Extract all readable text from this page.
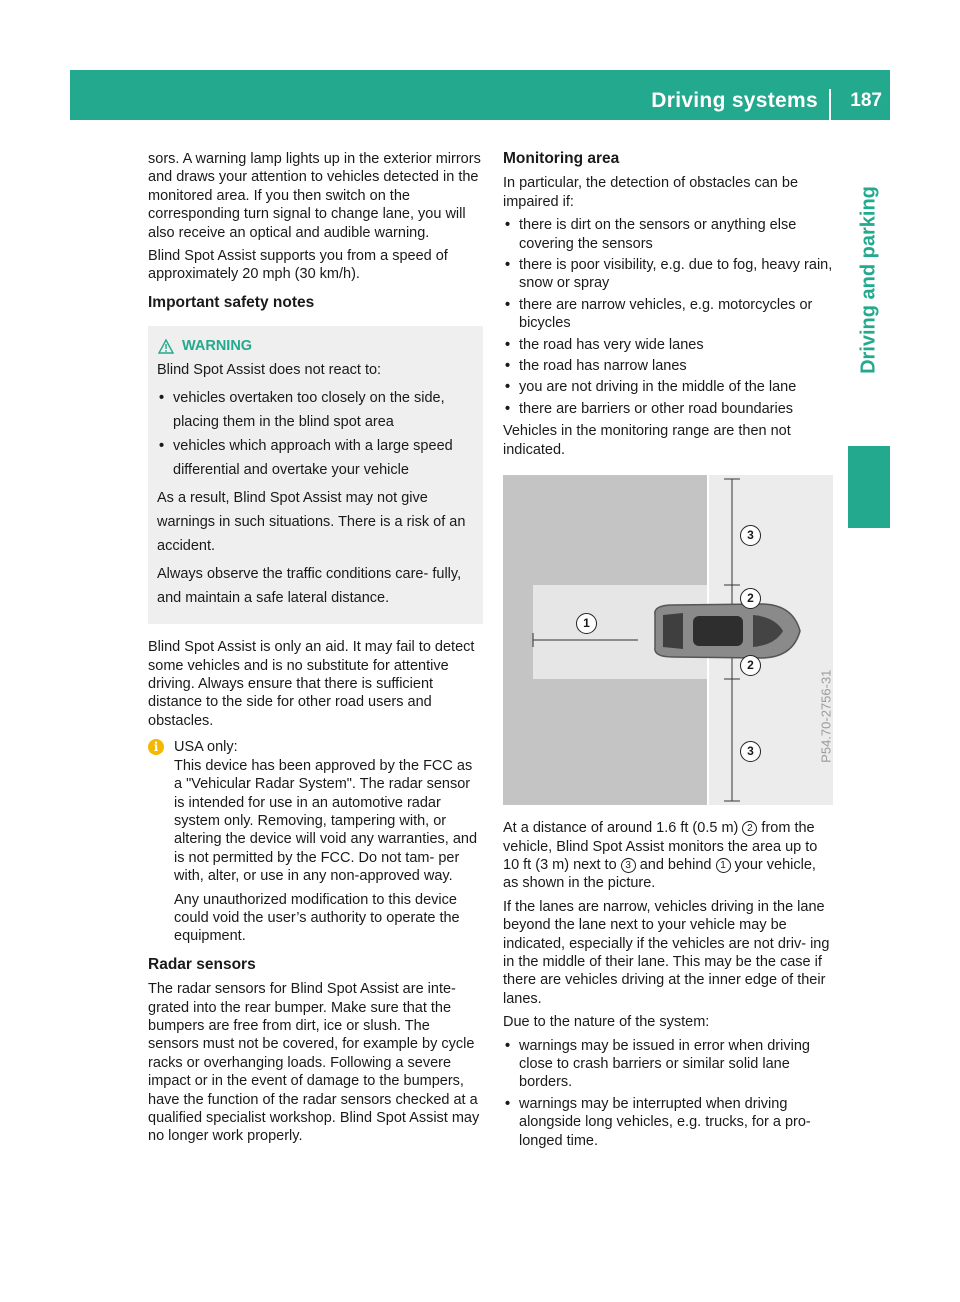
Driving systems 187
Driving and parking

sors. A warning lamp lights up in the exterior mirrors and draws your attention to vehicles detected in the monitored area. If you then switch on the corresponding turn signal to change lane, you will also receive an optical and audible warning.

Blind Spot Assist supports you from a speed of approximately 20 mph (30 km/h).

Important safety notes
WARNING

Blind Spot Assist does not react to:

• vehicles overtaken too closely on the side, placing them in the blind spot area
• vehicles which approach with a large speed differential and overtake your vehicle

As a result, Blind Spot Assist may not give warnings in such situations. There is a risk of an accident.

Always observe the traffic conditions care- fully, and maintain a safe lateral distance.

Blind Spot Assist is only an aid. It may fail to detect some vehicles and is no substitute for attentive driving. Always ensure that there is sufficient distance to the side for other road users and obstacles.

i	USA only:

This device has been approved by the FCC as a "Vehicular Radar System". The radar sensor is intended for use in an automotive radar system only. Removing, tampering with, or altering the device will void any warranties, and is not permitted by the FCC. Do not tam- per with, alter, or use in any non-approved way.

Any unauthorized modification to this device could void the user’s authority to operate the equipment.

Radar sensors

The radar sensors for Blind Spot Assist are inte- grated into the rear bumper. Make sure that the bumpers are free from dirt, ice or slush. The sensors must not be covered, for example by cycle racks or overhanging loads. Following a severe impact or in the event of damage to the bumpers, have the function of the radar sensors checked at a qualified specialist workshop. Blind Spot Assist may no longer work properly.

Monitoring area

In particular, the detection of obstacles can be impaired if:

• there is dirt on the sensors or anything else covering the sensors
• there is poor visibility, e.g. due to fog, heavy rain, snow or spray
• there are narrow vehicles, e.g. motorcycles or bicycles
• the road has very wide lanes
• the road has narrow lanes
• you are not driving in the middle of the lane
• there are barriers or other road boundaries

Vehicles in the monitoring range are then not indicated.

3
2
1
2
3	P54.70-2756-31

At a distance of around 1.6 ft (0.5 m) 2 from the vehicle, Blind Spot Assist monitors the area up to 10 ft (3 m) next to 3 and behind 1 your vehicle, as shown in the picture.

If the lanes are narrow, vehicles driving in the lane beyond the lane next to your vehicle may be indicated, especially if the vehicles are not driv- ing in the middle of their lane. This may be the case if there are vehicles driving at the inner edge of their lanes.

Due to the nature of the system:

• warnings may be issued in error when driving close to crash barriers or similar solid lane borders.
• warnings may be interrupted when driving alongside long vehicles, e.g. trucks, for a pro- longed time.
